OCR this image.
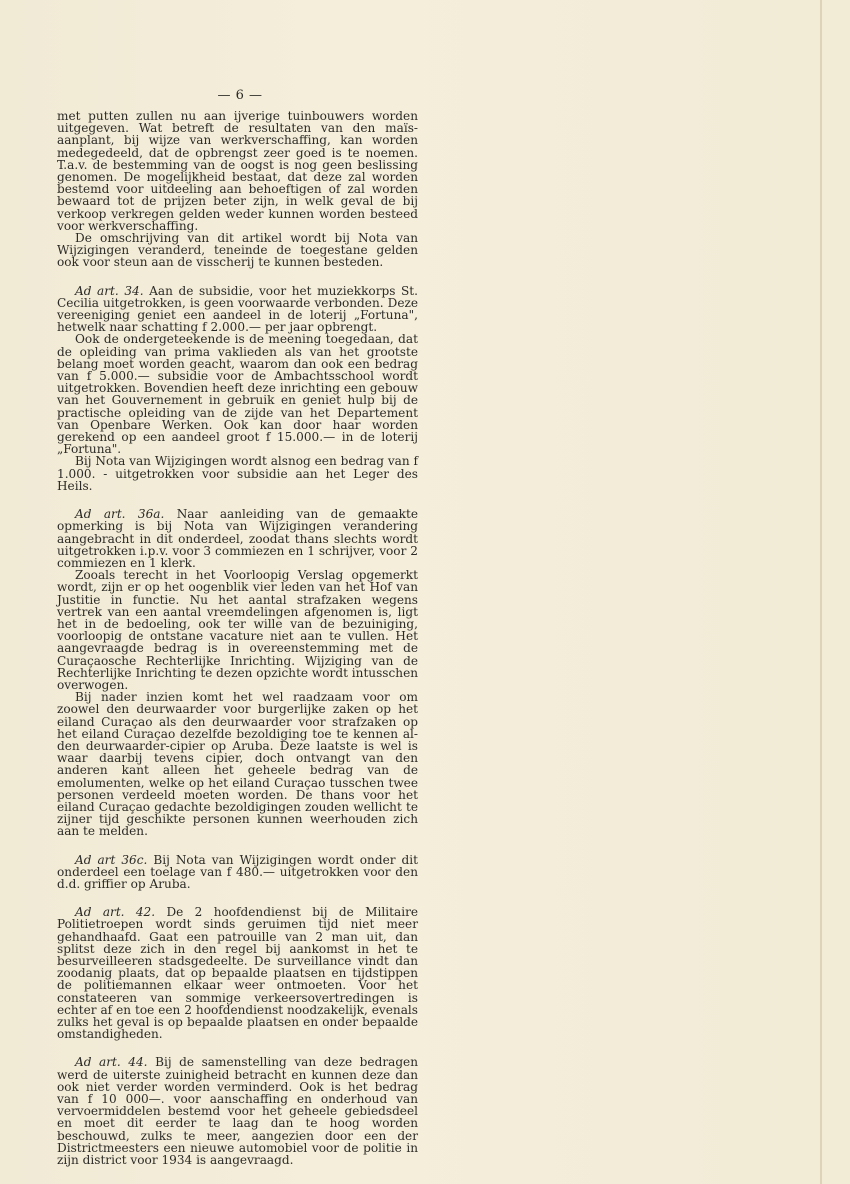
— 6 —

met putten zullen nu aan ijverige tuinbouwers worden uitgegeven. Wat betreft de resultaten van den maïs-aanplant, bij wijze van werkverschaffing, kan worden medegedeeld, dat de opbrengst zeer goed is te noemen. T.a.v. de bestemming van de oogst is nog geen beslissing genomen. De mogelijkheid bestaat, dat deze zal worden bestemd voor uitdeeling aan behoeftigen of zal worden bewaard tot de prijzen beter zijn, in welk geval de bij verkoop verkregen gelden weder kunnen worden besteed voor werkverschaffing.

De omschrijving van dit artikel wordt bij Nota van Wijzigingen veranderd, teneinde de toegestane gelden ook voor steun aan de visscherij te kunnen besteden.

Ad art. 34. Aan de subsidie, voor het muziekkorps St. Cecilia uitgetrokken, is geen voorwaarde verbonden. Deze vereeniging geniet een aandeel in de loterij „Fortuna", hetwelk naar schatting f 2.000.— per jaar opbrengt.

Ook de ondergeteekende is de meening toegedaan, dat de opleiding van prima vaklieden als van het grootste belang moet worden geacht, waarom dan ook een bedrag van f 5.000.— subsidie voor de Ambachtsschool wordt uitgetrokken. Bovendien heeft deze inrichting een gebouw van het Gouvernement in gebruik en geniet hulp bij de practische opleiding van de zijde van het Departement van Openbare Werken. Ook kan door haar worden gerekend op een aandeel groot f 15.000.— in de loterij „Fortuna".

Bij Nota van Wijzigingen wordt alsnog een bedrag van f 1.000. - uitgetrokken voor subsidie aan het Leger des Heils.

Ad art. 36a. Naar aanleiding van de gemaakte opmerking is bij Nota van Wijzigingen verandering aangebracht in dit onderdeel, zoodat thans slechts wordt uitgetrokken i.p.v. voor 3 commiezen en 1 schrijver, voor 2 commiezen en 1 klerk.

Zooals terecht in het Voorloopig Verslag opgemerkt wordt, zijn er op het oogenblik vier leden van het Hof van Justitie in functie. Nu het aantal strafzaken wegens vertrek van een aantal vreemdelingen afgenomen is, ligt het in de bedoeling, ook ter wille van de bezuiniging, voorloopig de ontstane vacature niet aan te vullen. Het aangevraagde bedrag is in overeenstemming met de Curaçaosche Rechterlijke Inrichting. Wijziging van de Rechterlijke Inrichting te dezen opzichte wordt intusschen overwogen.

Bij nader inzien komt het wel raadzaam voor om zoowel den deurwaarder voor burgerlijke zaken op het eiland Curaçao als den deurwaarder voor strafzaken op het eiland Curaçao dezelfde bezoldiging toe te kennen al- den deurwaarder-cipier op Aruba. Deze laatste is wel is waar daarbij tevens cipier, doch ontvangt van den anderen kant alleen het geheele bedrag van de emolumenten, welke op het eiland Curaçao tusschen twee personen verdeeld moeten worden. De thans voor het eiland Curaçao gedachte bezoldigingen zouden wellicht te zijner tijd geschikte personen kunnen weerhouden zich aan te melden.

Ad art 36c. Bij Nota van Wijzigingen wordt onder dit onderdeel een toelage van f 480.— uitgetrokken voor den d.d. griffier op Aruba.

Ad art. 42. De 2 hoofdendienst bij de Militaire Politietroepen wordt sinds geruimen tijd niet meer gehandhaafd. Gaat een patrouille van 2 man uit, dan splitst deze zich in den regel bij aankomst in het te besurveilleeren stadsgedeelte. De surveillance vindt dan zoodanig plaats, dat op bepaalde plaatsen en tijdstippen de politiemannen elkaar weer ontmoeten. Voor het constateeren van sommige verkeersovertredingen is echter af en toe een 2 hoofdendienst noodzakelijk, evenals zulks het geval is op bepaalde plaatsen en onder bepaalde omstandigheden.

Ad art. 44. Bij de samenstelling van deze bedragen werd de uiterste zuinigheid betracht en kunnen deze dan ook niet verder worden verminderd. Ook is het bedrag van f 10 000—. voor aanschaffing en onderhoud van vervoermiddelen bestemd voor het geheele gebiedsdeel en moet dit eerder te laag dan te hoog worden beschouwd, zulks te meer, aangezien door een der Districtmeesters een nieuwe automobiel voor de politie in zijn district voor 1934 is aangevraagd.
